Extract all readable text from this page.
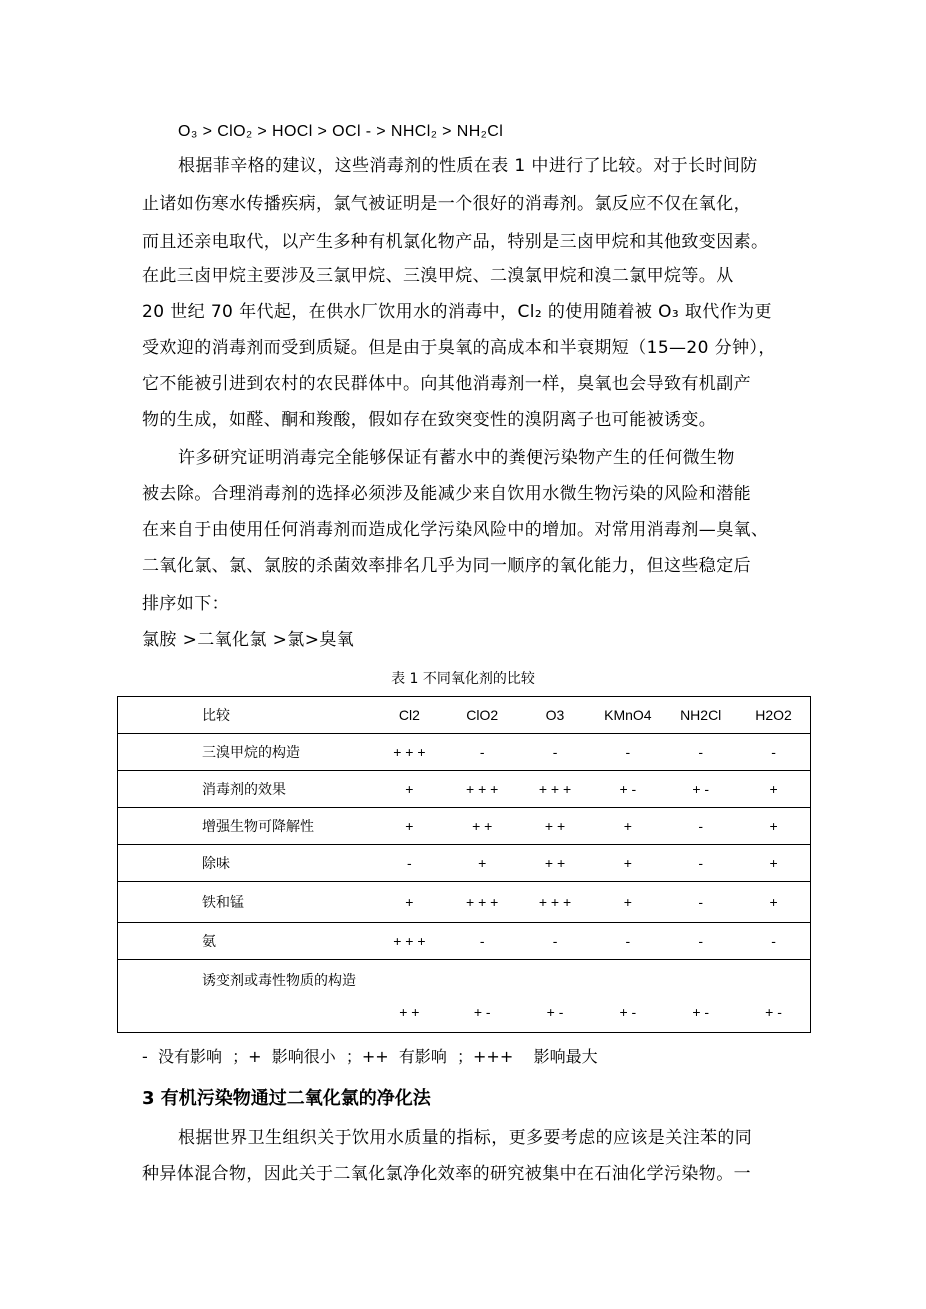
O₃ > ClO₂ > HOCl > OCl - > NHCl₂ > NH₂Cl
根据菲辛格的建议，这些消毒剂的性质在表 1 中进行了比较。对于长时间防
止诸如伤寒水传播疾病，氯气被证明是一个很好的消毒剂。氯反应不仅在氧化，
而且还亲电取代，以产生多种有机氯化物产品，特别是三卤甲烷和其他致变因素。
在此三卤甲烷主要涉及三氯甲烷、三溴甲烷、二溴氯甲烷和溴二氯甲烷等。从
20 世纪 70 年代起，在供水厂饮用水的消毒中，Cl₂ 的使用随着被 O₃ 取代作为更
受欢迎的消毒剂而受到质疑。但是由于臭氧的高成本和半衰期短（15—20 分钟），
它不能被引进到农村的农民群体中。向其他消毒剂一样，臭氧也会导致有机副产
物的生成，如醛、酮和羧酸，假如存在致突变性的溴阴离子也可能被诱变。
许多研究证明消毒完全能够保证有蓄水中的粪便污染物产生的任何微生物
被去除。合理消毒剂的选择必须涉及能减少来自饮用水微生物污染的风险和潜能
在来自于由使用任何消毒剂而造成化学污染风险中的增加。对常用消毒剂—臭氧、
二氧化氯、氯、氯胺的杀菌效率排名几乎为同一顺序的氧化能力，但这些稳定后
排序如下：
氯胺 >二氧化氯 >氯>臭氧
表 1 不同氧化剂的比较
比较	Cl2	ClO2	O3	KMnO4	NH2Cl	H2O2
三溴甲烷的构造	+ + +	-	-	-	-	-
消毒剂的效果	+	+ + +	+ + +	+ -	+ -	+
增强生物可降解性	+	+ +	+ +	+	-	+
除味	-	+	+ +	+	-	+
铁和锰	+	+ + +	+ + +	+	-	+
氨	+ + +	-	-	-	-	-
诱变剂或毒性物质的构造	+ +	+ -	+ -	+ -	+ -	+ -
-  没有影响  ；+  影响很小  ；++  有影响  ；+++    影响最大
3 有机污染物通过二氧化氯的净化法
根据世界卫生组织关于饮用水质量的指标，更多要考虑的应该是关注苯的同
种异体混合物，因此关于二氧化氯净化效率的研究被集中在石油化学污染物。一
